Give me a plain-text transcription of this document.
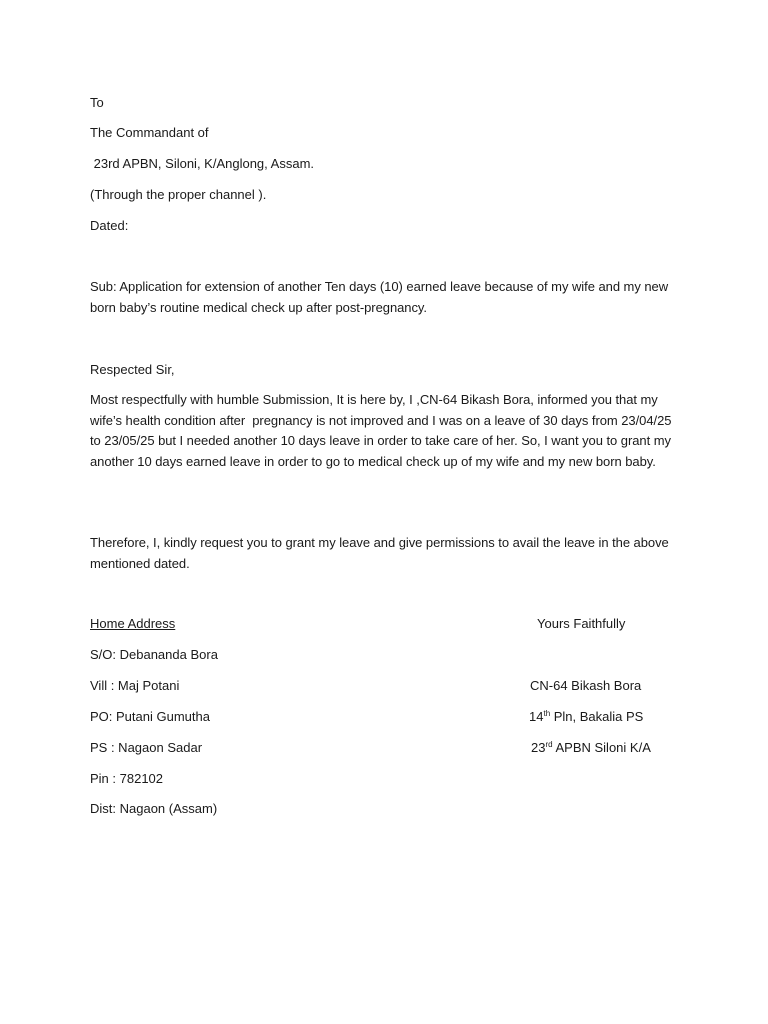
To
The Commandant of
23rd APBN, Siloni, K/Anglong, Assam.
(Through the proper channel ).
Dated:
Sub: Application for extension of another Ten days (10) earned leave because of my wife and my new born baby’s routine medical check up after post-pregnancy.
Respected Sir,
Most respectfully with humble Submission, It is here by, I ,CN-64 Bikash Bora, informed you that my wife’s health condition after  pregnancy is not improved and I was on a leave of 30 days from 23/04/25 to 23/05/25 but I needed another 10 days leave in order to take care of her. So, I want you to grant my another 10 days earned leave in order to go to medical check up of my wife and my new born baby.
Therefore, I, kindly request you to grant my leave and give permissions to avail the leave in the above mentioned dated.
Home Address
S/O: Debananda Bora
Vill : Maj Potani
PO: Putani Gumutha
PS : Nagaon Sadar
Pin : 782102
Dist: Nagaon (Assam)
Yours Faithfully
CN-64 Bikash Bora
14th Pln, Bakalia PS
23rd APBN Siloni K/A
